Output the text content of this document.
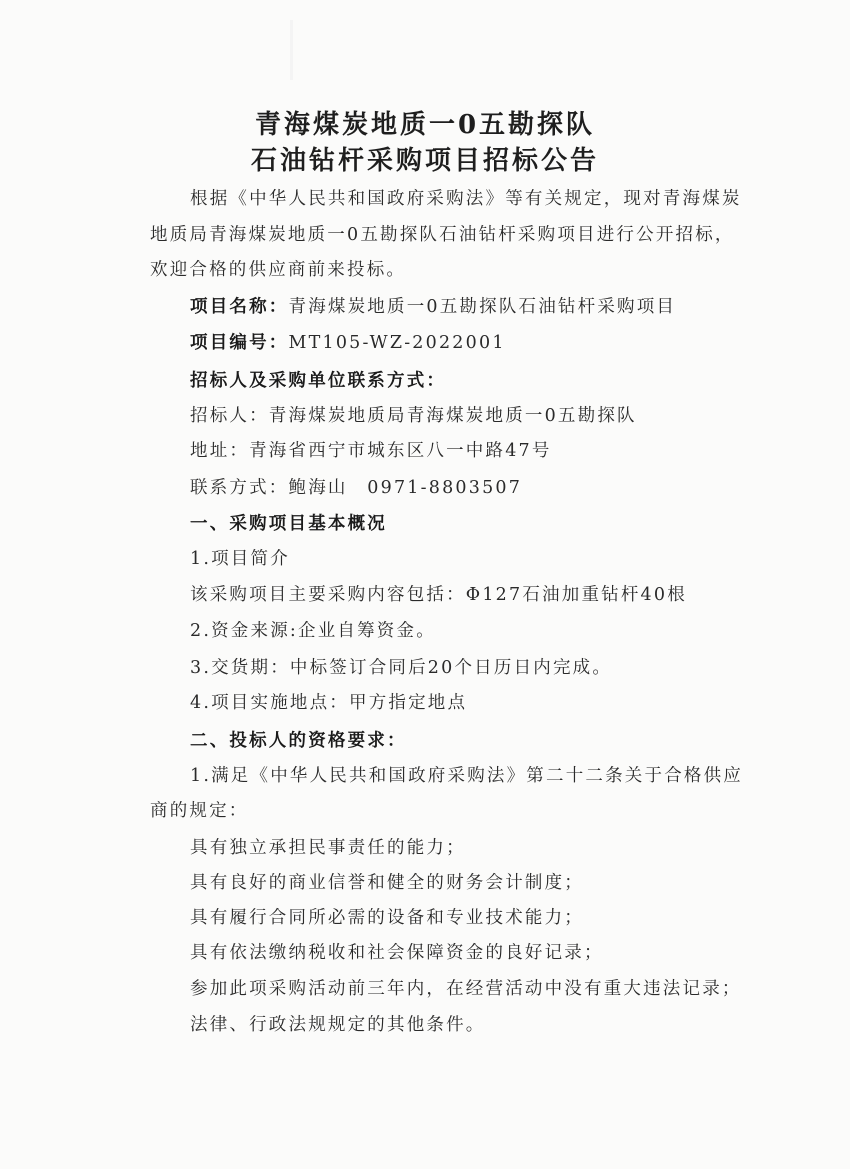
青海煤炭地质一0五勘探队
石油钻杆采购项目招标公告
根据《中华人民共和国政府采购法》等有关规定，现对青海煤炭
地质局青海煤炭地质一0五勘探队石油钻杆采购项目进行公开招标，
欢迎合格的供应商前来投标。
项目名称：青海煤炭地质一0五勘探队石油钻杆采购项目
项目编号：MT105-WZ-2022001
招标人及采购单位联系方式：
招标人：青海煤炭地质局青海煤炭地质一0五勘探队
地址：青海省西宁市城东区八一中路47号
联系方式：鲍海山　0971-8803507
一、采购项目基本概况
1.项目简介
该采购项目主要采购内容包括：Φ127石油加重钻杆40根
2.资金来源:企业自筹资金。
3.交货期：中标签订合同后20个日历日内完成。
4.项目实施地点：甲方指定地点
二、投标人的资格要求：
1.满足《中华人民共和国政府采购法》第二十二条关于合格供应
商的规定：
具有独立承担民事责任的能力；
具有良好的商业信誉和健全的财务会计制度；
具有履行合同所必需的设备和专业技术能力；
具有依法缴纳税收和社会保障资金的良好记录；
参加此项采购活动前三年内，在经营活动中没有重大违法记录；
法律、行政法规规定的其他条件。
